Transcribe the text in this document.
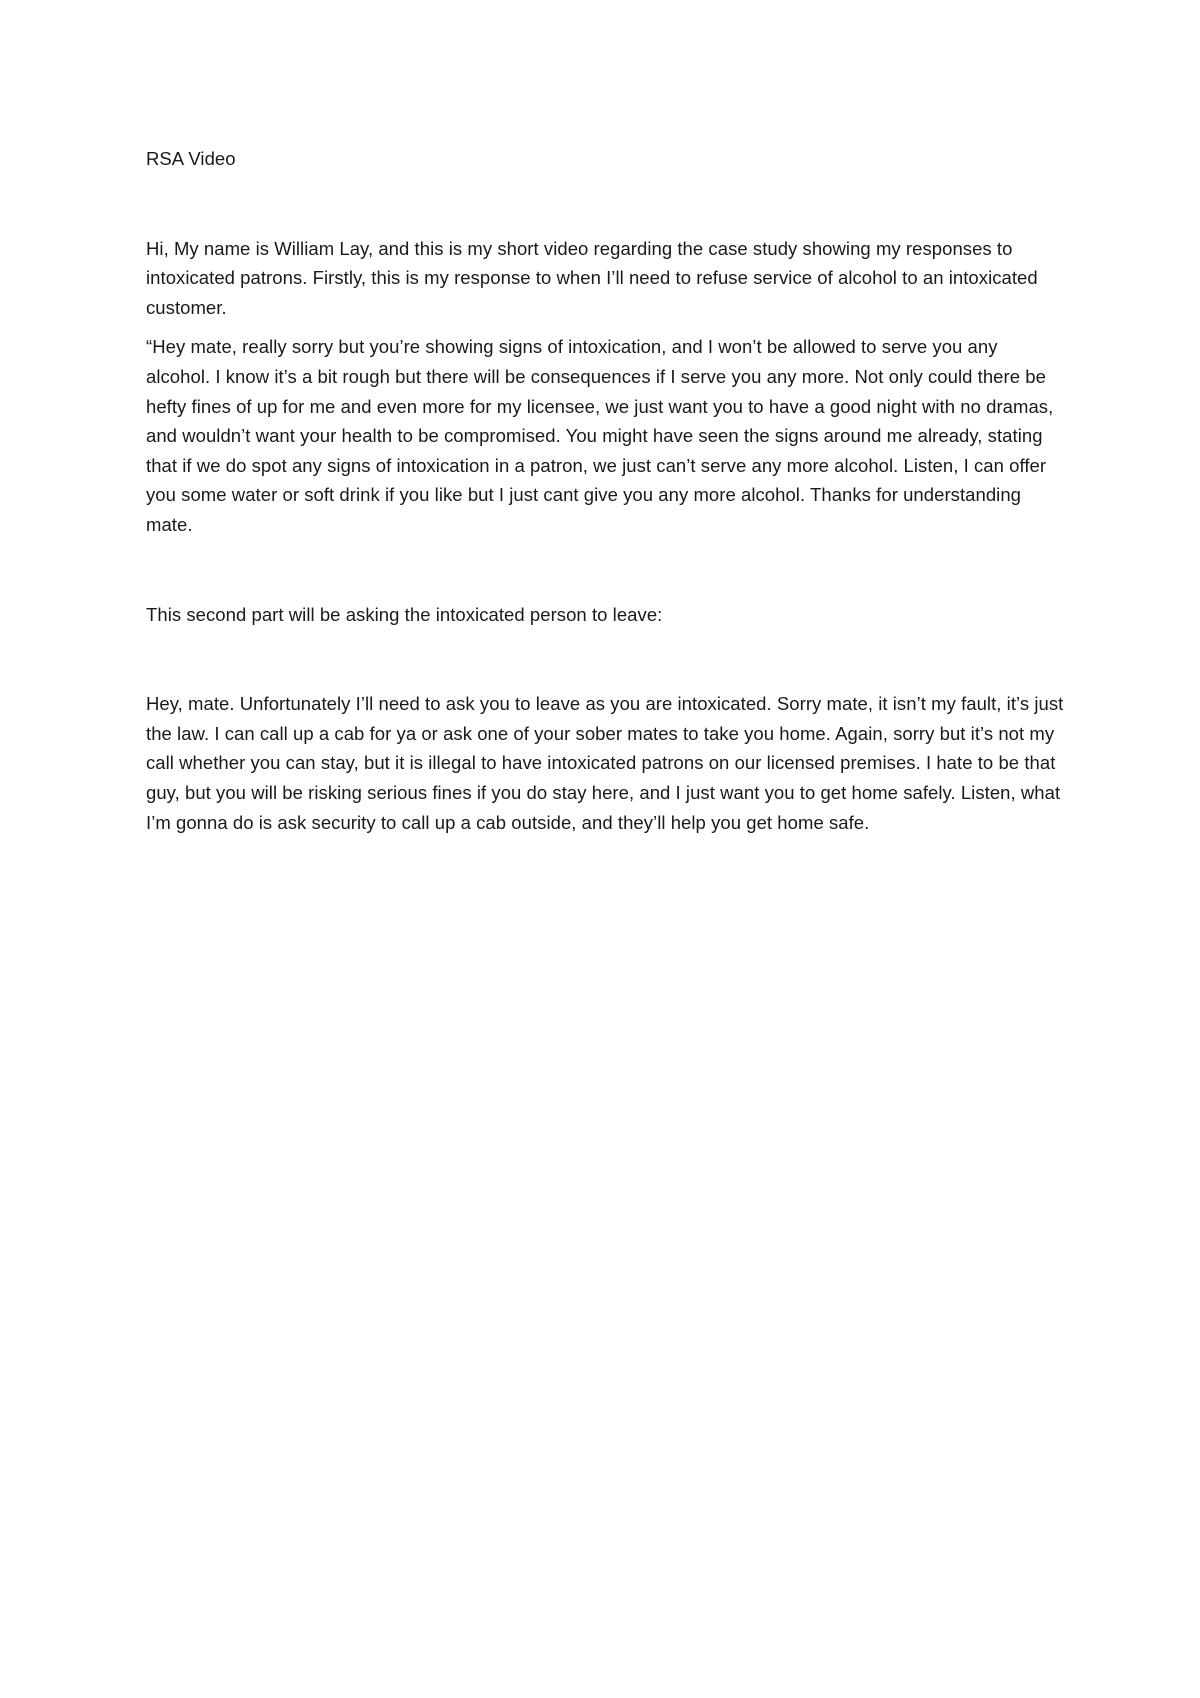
RSA Video

Hi, My name is William Lay, and this is my short video regarding the case study showing my responses to intoxicated patrons. Firstly, this is my response to when I’ll need to refuse service of alcohol to an intoxicated customer.

“Hey mate, really sorry but you’re showing signs of intoxication, and I won’t be allowed to serve you any alcohol. I know it’s a bit rough but there will be consequences if I serve you any more. Not only could there be hefty fines of up for me and even more for my licensee, we just want you to have a good night with no dramas, and wouldn’t want your health to be compromised. You might have seen the signs around me already, stating that if we do spot any signs of intoxication in a patron, we just can’t serve any more alcohol. Listen, I can offer you some water or soft drink if you like but I just cant give you any more alcohol. Thanks for understanding mate.

This second part will be asking the intoxicated person to leave:

Hey, mate. Unfortunately I’ll need to ask you to leave as you are intoxicated. Sorry mate, it isn’t my fault, it’s just the law. I can call up a cab for ya or ask one of your sober mates to take you home. Again, sorry but it’s not my call whether you can stay, but it is illegal to have intoxicated patrons on our licensed premises. I hate to be that guy, but you will be risking serious fines if you do stay here, and I just want you to get home safely. Listen, what I’m gonna do is ask security to call up a cab outside, and they’ll help you get home safe.
